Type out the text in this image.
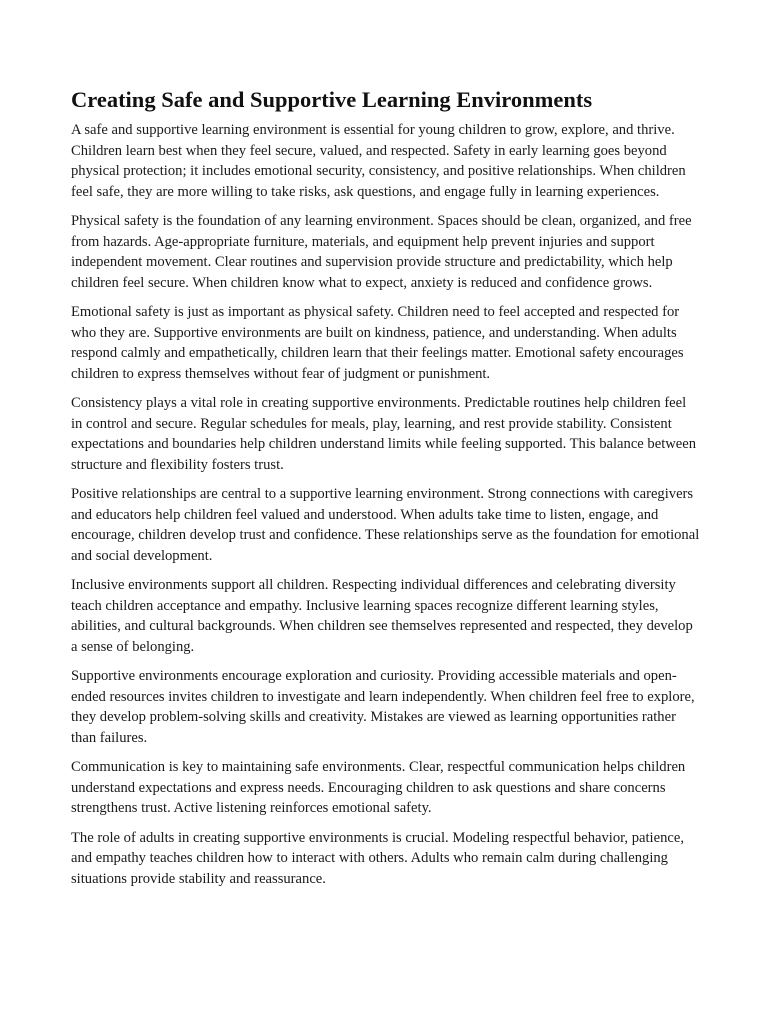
Creating Safe and Supportive Learning Environments

A safe and supportive learning environment is essential for young children to grow, explore, and thrive. Children learn best when they feel secure, valued, and respected. Safety in early learning goes beyond physical protection; it includes emotional security, consistency, and positive relationships. When children feel safe, they are more willing to take risks, ask questions, and engage fully in learning experiences.

Physical safety is the foundation of any learning environment. Spaces should be clean, organized, and free from hazards. Age-appropriate furniture, materials, and equipment help prevent injuries and support independent movement. Clear routines and supervision provide structure and predictability, which help children feel secure. When children know what to expect, anxiety is reduced and confidence grows.

Emotional safety is just as important as physical safety. Children need to feel accepted and respected for who they are. Supportive environments are built on kindness, patience, and understanding. When adults respond calmly and empathetically, children learn that their feelings matter. Emotional safety encourages children to express themselves without fear of judgment or punishment.

Consistency plays a vital role in creating supportive environments. Predictable routines help children feel in control and secure. Regular schedules for meals, play, learning, and rest provide stability. Consistent expectations and boundaries help children understand limits while feeling supported. This balance between structure and flexibility fosters trust.

Positive relationships are central to a supportive learning environment. Strong connections with caregivers and educators help children feel valued and understood. When adults take time to listen, engage, and encourage, children develop trust and confidence. These relationships serve as the foundation for emotional and social development.

Inclusive environments support all children. Respecting individual differences and celebrating diversity teach children acceptance and empathy. Inclusive learning spaces recognize different learning styles, abilities, and cultural backgrounds. When children see themselves represented and respected, they develop a sense of belonging.

Supportive environments encourage exploration and curiosity. Providing accessible materials and open-ended resources invites children to investigate and learn independently. When children feel free to explore, they develop problem-solving skills and creativity. Mistakes are viewed as learning opportunities rather than failures.

Communication is key to maintaining safe environments. Clear, respectful communication helps children understand expectations and express needs. Encouraging children to ask questions and share concerns strengthens trust. Active listening reinforces emotional safety.

The role of adults in creating supportive environments is crucial. Modeling respectful behavior, patience, and empathy teaches children how to interact with others. Adults who remain calm during challenging situations provide stability and reassurance.
